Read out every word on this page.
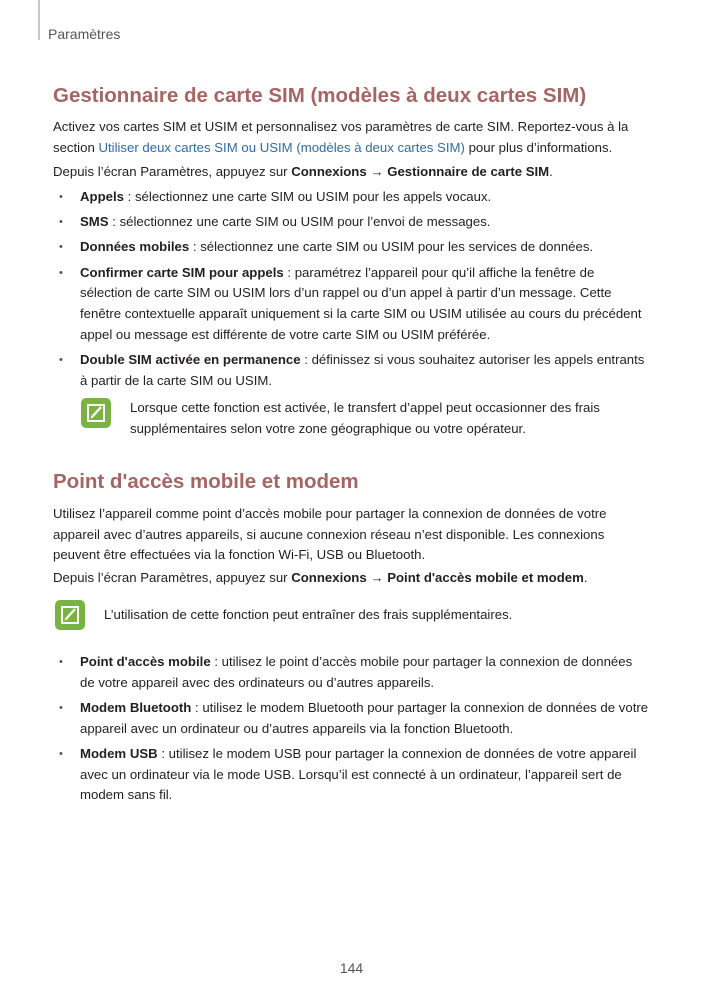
Paramètres
Gestionnaire de carte SIM (modèles à deux cartes SIM)

Activez vos cartes SIM et USIM et personnalisez vos paramètres de carte SIM. Reportez-vous à la section Utiliser deux cartes SIM ou USIM (modèles à deux cartes SIM) pour plus d’informations.

Depuis l’écran Paramètres, appuyez sur Connexions → Gestionnaire de carte SIM.

• Appels : sélectionnez une carte SIM ou USIM pour les appels vocaux.
• SMS : sélectionnez une carte SIM ou USIM pour l’envoi de messages.
• Données mobiles : sélectionnez une carte SIM ou USIM pour les services de données.
• Confirmer carte SIM pour appels : paramétrez l’appareil pour qu’il affiche la fenêtre de sélection de carte SIM ou USIM lors d’un rappel ou d’un appel à partir d’un message. Cette fenêtre contextuelle apparaît uniquement si la carte SIM ou USIM utilisée au cours du précédent appel ou message est différente de votre carte SIM ou USIM préférée.
• Double SIM activée en permanence : définissez si vous souhaitez autoriser les appels entrants à partir de la carte SIM ou USIM.

Lorsque cette fonction est activée, le transfert d’appel peut occasionner des frais supplémentaires selon votre zone géographique ou votre opérateur.

Point d'accès mobile et modem

Utilisez l’appareil comme point d’accès mobile pour partager la connexion de données de votre appareil avec d’autres appareils, si aucune connexion réseau n’est disponible. Les connexions peuvent être effectuées via la fonction Wi-Fi, USB ou Bluetooth.

Depuis l’écran Paramètres, appuyez sur Connexions → Point d'accès mobile et modem.

L’utilisation de cette fonction peut entraîner des frais supplémentaires.

• Point d'accès mobile : utilisez le point d’accès mobile pour partager la connexion de données de votre appareil avec des ordinateurs ou d’autres appareils.
• Modem Bluetooth : utilisez le modem Bluetooth pour partager la connexion de données de votre appareil avec un ordinateur ou d’autres appareils via la fonction Bluetooth.
• Modem USB : utilisez le modem USB pour partager la connexion de données de votre appareil avec un ordinateur via le mode USB. Lorsqu’il est connecté à un ordinateur, l’appareil sert de modem sans fil.
144
